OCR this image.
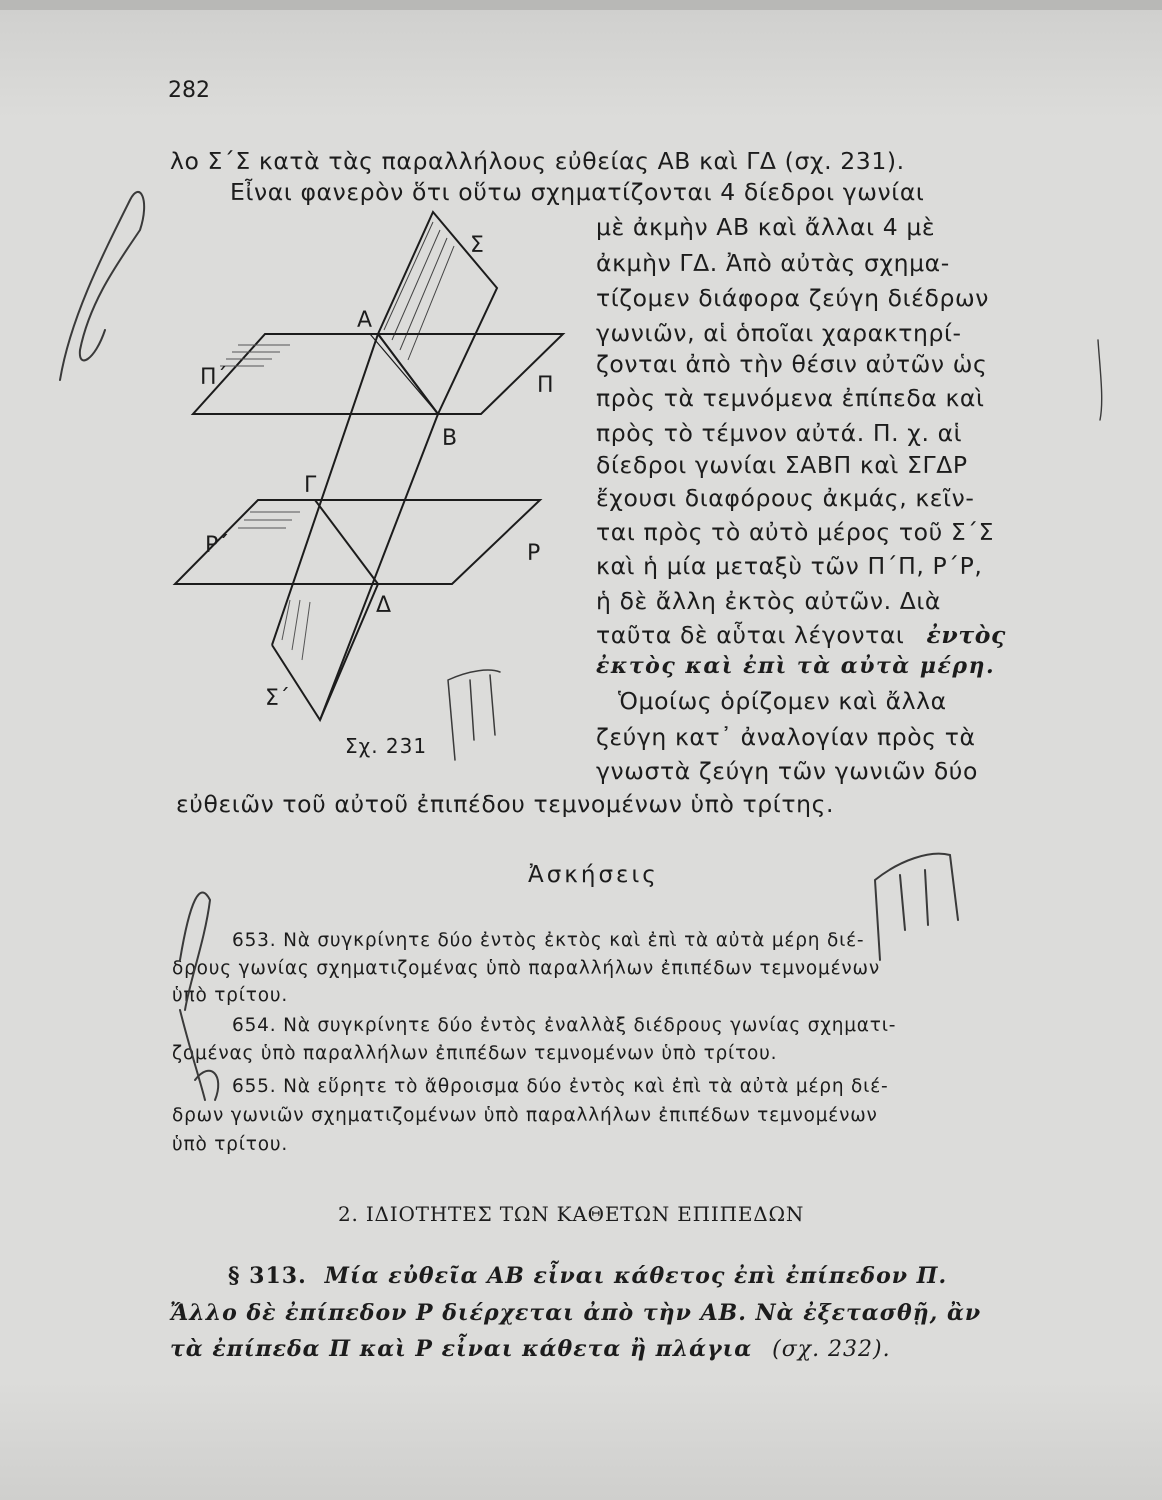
282
λο Σ΄Σ κατὰ τὰς παραλλήλους εὐθείας ΑΒ καὶ ΓΔ (σχ. 231).
Εἶναι φανερὸν ὅτι οὕτω σχηματίζονται 4 δίεδροι γωνίαι
μὲ ἀκμὴν ΑΒ καὶ ἄλλαι 4 μὲ
ἀκμὴν ΓΔ. Ἀπὸ αὐτὰς σχημα-
τίζομεν διάφορα ζεύγη διέδρων
γωνιῶν, αἱ ὁποῖαι χαρακτηρί-
ζονται ἀπὸ τὴν θέσιν αὐτῶν ὡς
πρὸς τὰ τεμνόμενα ἐπίπεδα καὶ
πρὸς τὸ τέμνον αὐτά. Π. χ. αἱ
δίεδροι γωνίαι ΣΑΒΠ καὶ ΣΓΔΡ
ἔχουσι διαφόρους ἀκμάς, κεῖν-
ται πρὸς τὸ αὐτὸ μέρος τοῦ Σ΄Σ
καὶ ἡ μία μεταξὺ τῶν Π΄Π, Ρ΄Ρ,
ἡ δὲ ἄλλη ἐκτὸς αὐτῶν. Διὰ
ταῦτα δὲ αὗται λέγονται ἐντὸς
ἐκτὸς καὶ ἐπὶ τὰ αὐτὰ μέρη.
Ὁμοίως ὁρίζομεν καὶ ἄλλα
ζεύγη κατ᾽ ἀναλογίαν πρὸς τὰ
γνωστὰ ζεύγη τῶν γωνιῶν δύο
εὐθειῶν τοῦ αὐτοῦ ἐπιπέδου τεμνομένων ὑπὸ τρίτης.
Σ
Α
Π΄	Π
Β
Γ
Ρ΄	Ρ
Δ
Σ΄
Σχ. 231
Ἀσκήσεις
653. Νὰ συγκρίνητε δύο ἐντὸς ἐκτὸς καὶ ἐπὶ τὰ αὐτὰ μέρη διέ-
δρους γωνίας σχηματιζομένας ὑπὸ παραλλήλων ἐπιπέδων τεμνομένων
ὑπὸ τρίτου.
654. Νὰ συγκρίνητε δύο ἐντὸς ἐναλλὰξ διέδρους γωνίας σχηματι-
ζομένας ὑπὸ παραλλήλων ἐπιπέδων τεμνομένων ὑπὸ τρίτου.
655. Νὰ εὕρητε τὸ ἄθροισμα δύο ἐντὸς καὶ ἐπὶ τὰ αὐτὰ μέρη διέ-
δρων γωνιῶν σχηματιζομένων ὑπὸ παραλλήλων ἐπιπέδων τεμνομένων
ὑπὸ τρίτου.
2. ΙΔΙΟΤΗΤΕΣ ΤΩΝ ΚΑΘΕΤΩΝ ΕΠΙΠΕΔΩΝ
§ 313. Μία εὐθεῖα ΑΒ εἶναι κάθετος ἐπὶ ἐπίπεδον Π.
Ἄλλο δὲ ἐπίπεδον Ρ διέρχεται ἀπὸ τὴν ΑΒ. Νὰ ἐξετασθῇ, ἂν
τὰ ἐπίπεδα Π καὶ Ρ εἶναι κάθετα ἢ πλάγια (σχ. 232).
